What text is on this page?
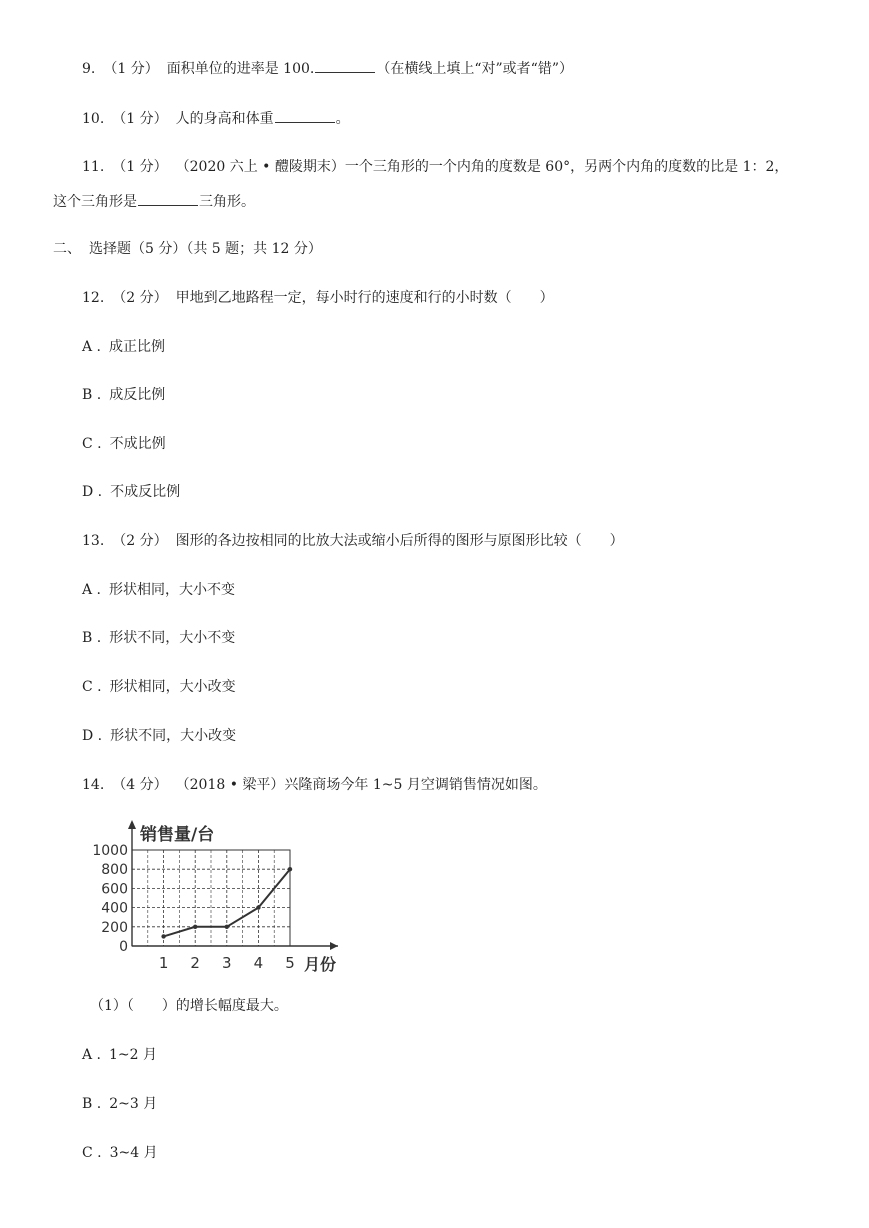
9. （1 分） 面积单位的进率是 100.	（在横线上填上“对”或者“错”）
10. （1 分） 人的身高和体重	。
11. （1 分） （2020 六上 • 醴陵期末）一个三角形的一个内角的度数是 60°，另两个内角的度数的比是 1：2，
这个三角形是	三角形。
二、 选择题（5 分）（共 5 题；共 12 分）
12. （2 分） 甲地到乙地路程一定，每小时行的速度和行的小时数（　　）
A . 成正比例
B . 成反比例
C . 不成比例
D . 不成反比例
13. （2 分） 图形的各边按相同的比放大法或缩小后所得的图形与原图形比较（　　）
A . 形状相同，大小不变
B . 形状不同，大小不变
C . 形状相同，大小改变
D . 形状不同，大小改变
14. （4 分） （2018 • 梁平）兴隆商场今年 1~5 月空调销售情况如图。
0
200
400
600
800
1000
1 2 3 4 5
销售量/台
月份
（1）（　　）的增长幅度最大。
A . 1~2 月
B . 2~3 月
C . 3~4 月
